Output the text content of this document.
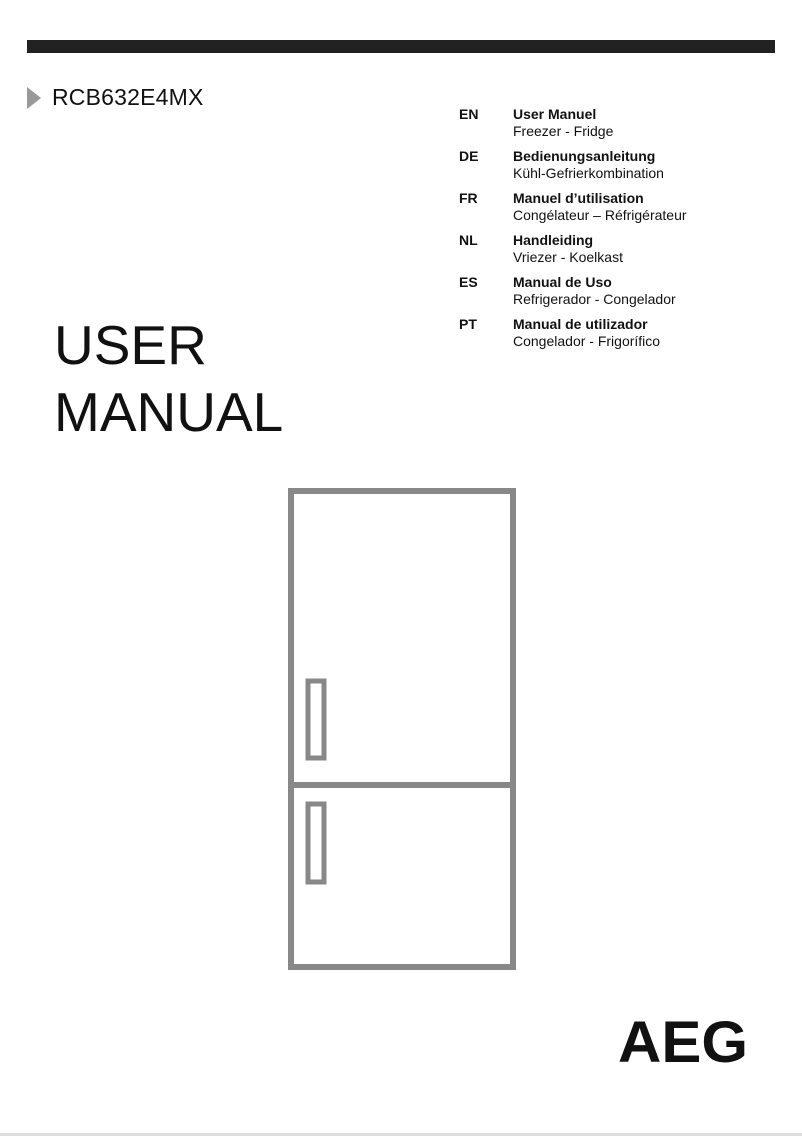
RCB632E4MX
USER
MANUAL
EN	User Manuel
Freezer - Fridge
DE	Bedienungsanleitung
Kühl-Gefrierkombination
FR	Manuel d’utilisation
Congélateur – Réfrigérateur
NL	Handleiding
Vriezer - Koelkast
ES	Manual de Uso
Refrigerador - Congelador
PT	Manual de utilizador
Congelador - Frigorífico
AEG
